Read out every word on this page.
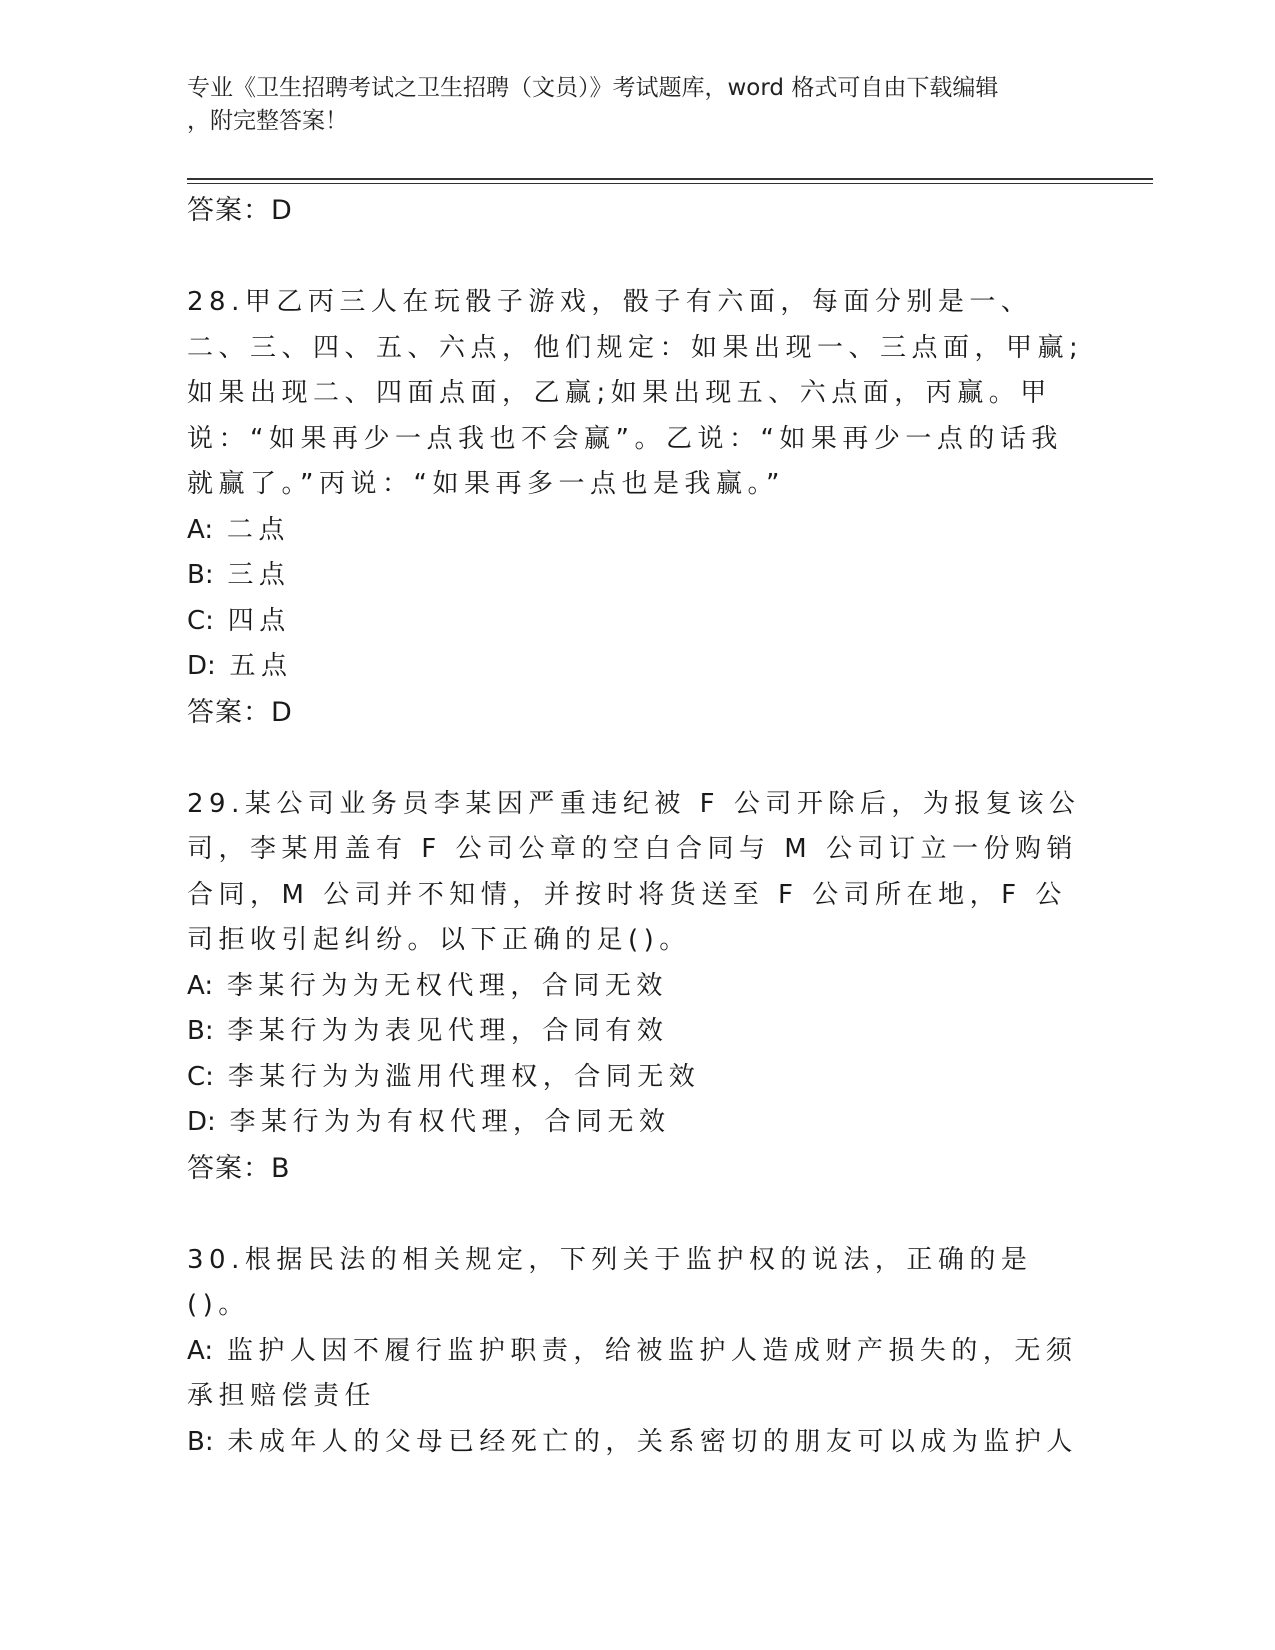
专业《卫生招聘考试之卫生招聘（文员）》考试题库，word 格式可自由下载编辑
，附完整答案！

答案：D

28.甲乙丙三人在玩骰子游戏，骰子有六面，每面分别是一、二、三、四、五、六点，他们规定：如果出现一、三点面，甲赢;如果出现二、四面点面，乙赢;如果出现五、六点面，丙赢。甲说：“如果再少一点我也不会赢”。乙说：“如果再少一点的话我就赢了。”丙说：“如果再多一点也是我赢。”

A: 二点

B: 三点

C: 四点

D: 五点

答案：D

29.某公司业务员李某因严重违纪被 F 公司开除后，为报复该公司，李某用盖有 F 公司公章的空白合同与 M 公司订立一份购销合同，M 公司并不知情，并按时将货送至 F 公司所在地，F 公司拒收引起纠纷。以下正确的足()。

A: 李某行为为无权代理，合同无效

B: 李某行为为表见代理，合同有效

C: 李某行为为滥用代理权，合同无效

D: 李某行为为有权代理，合同无效

答案：B

30.根据民法的相关规定，下列关于监护权的说法，正确的是()。

A: 监护人因不履行监护职责，给被监护人造成财产损失的，无须承担赔偿责任

B: 未成年人的父母已经死亡的，关系密切的朋友可以成为监护人
